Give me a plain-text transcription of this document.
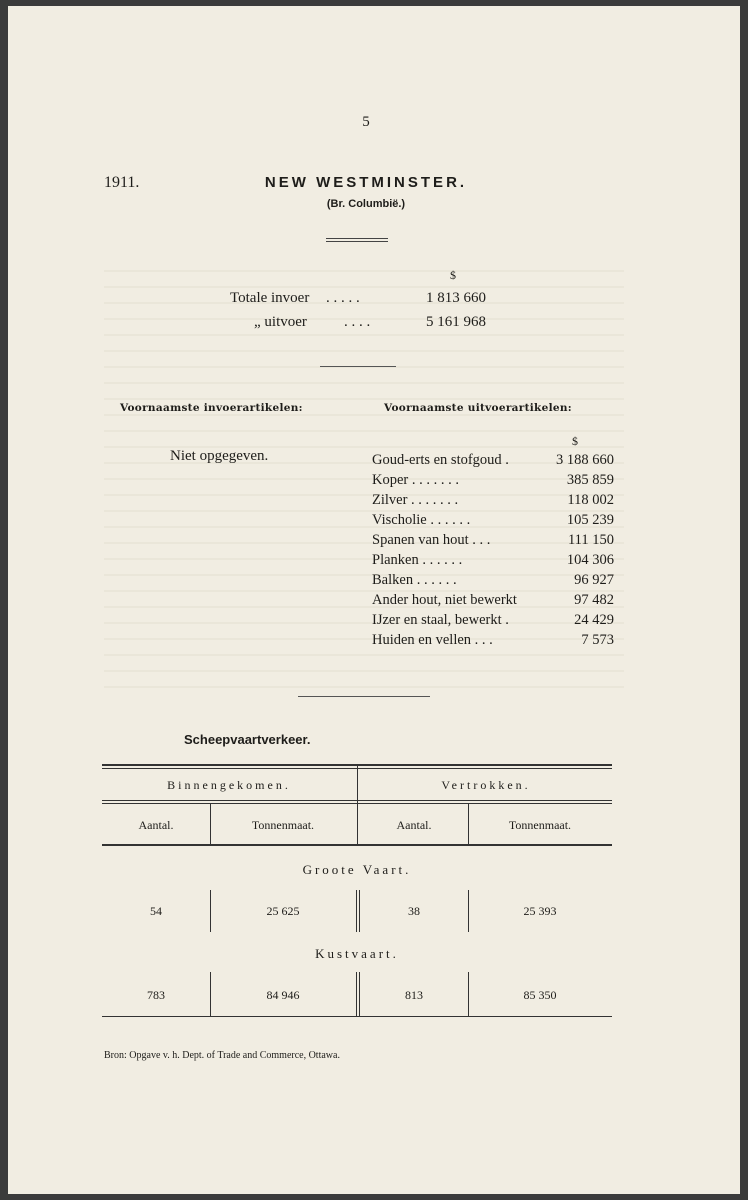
5
1911.	NEW WESTMINSTER.
(Br. Columbië.)
$
Totale invoer . . . . .	1 813 660
„ uitvoer . . . .	5 161 968
Voornaamste invoerartikelen:	Voornaamste uitvoerartikelen:
Niet opgegeven.
$
Goud-erts en stofgoud .	3 188 660
Koper . . . . . . .	385 859
Zilver . . . . . . .	118 002
Vischolie . . . . . .	105 239
Spanen van hout . . .	111 150
Planken . . . . . .	104 306
Balken . . . . . .	96 927
Ander hout, niet bewerkt	97 482
IJzer en staal, bewerkt .	24 429
Huiden en vellen . . .	7 573
Scheepvaartverkeer.
Binnengekomen.	Vertrokken.
Aantal.	Tonnenmaat.	Aantal.	Tonnenmaat.
Groote Vaart.
54	25 625	38	25 393
Kustvaart.
783	84 946	813	85 350
Bron: Opgave v. h. Dept. of Trade and Commerce, Ottawa.
